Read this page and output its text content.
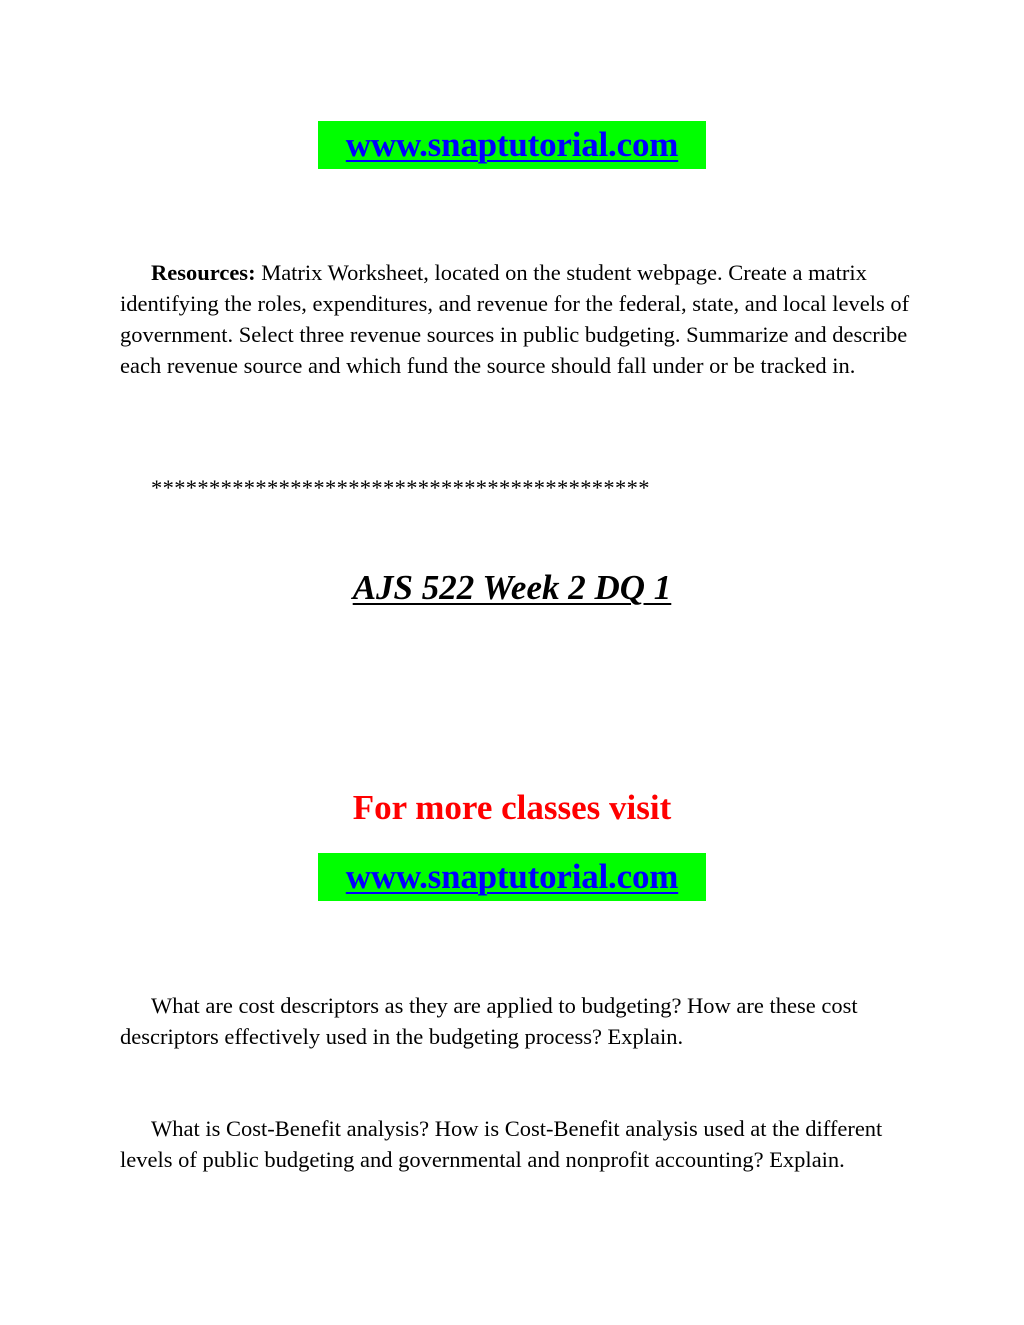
www.snaptutorial.com

Resources: Matrix Worksheet, located on the student webpage. Create a matrix identifying the roles, expenditures, and revenue for the federal, state, and local levels of government. Select three revenue sources in public budgeting. Summarize and describe each revenue source and which fund the source should fall under or be tracked in.

*******************************************

AJS 522 Week 2 DQ 1
For more classes visit
www.snaptutorial.com

What are cost descriptors as they are applied to budgeting? How are these cost descriptors effectively used in the budgeting process? Explain.

What is Cost-Benefit analysis? How is Cost-Benefit analysis used at the different levels of public budgeting and governmental and nonprofit accounting? Explain.
